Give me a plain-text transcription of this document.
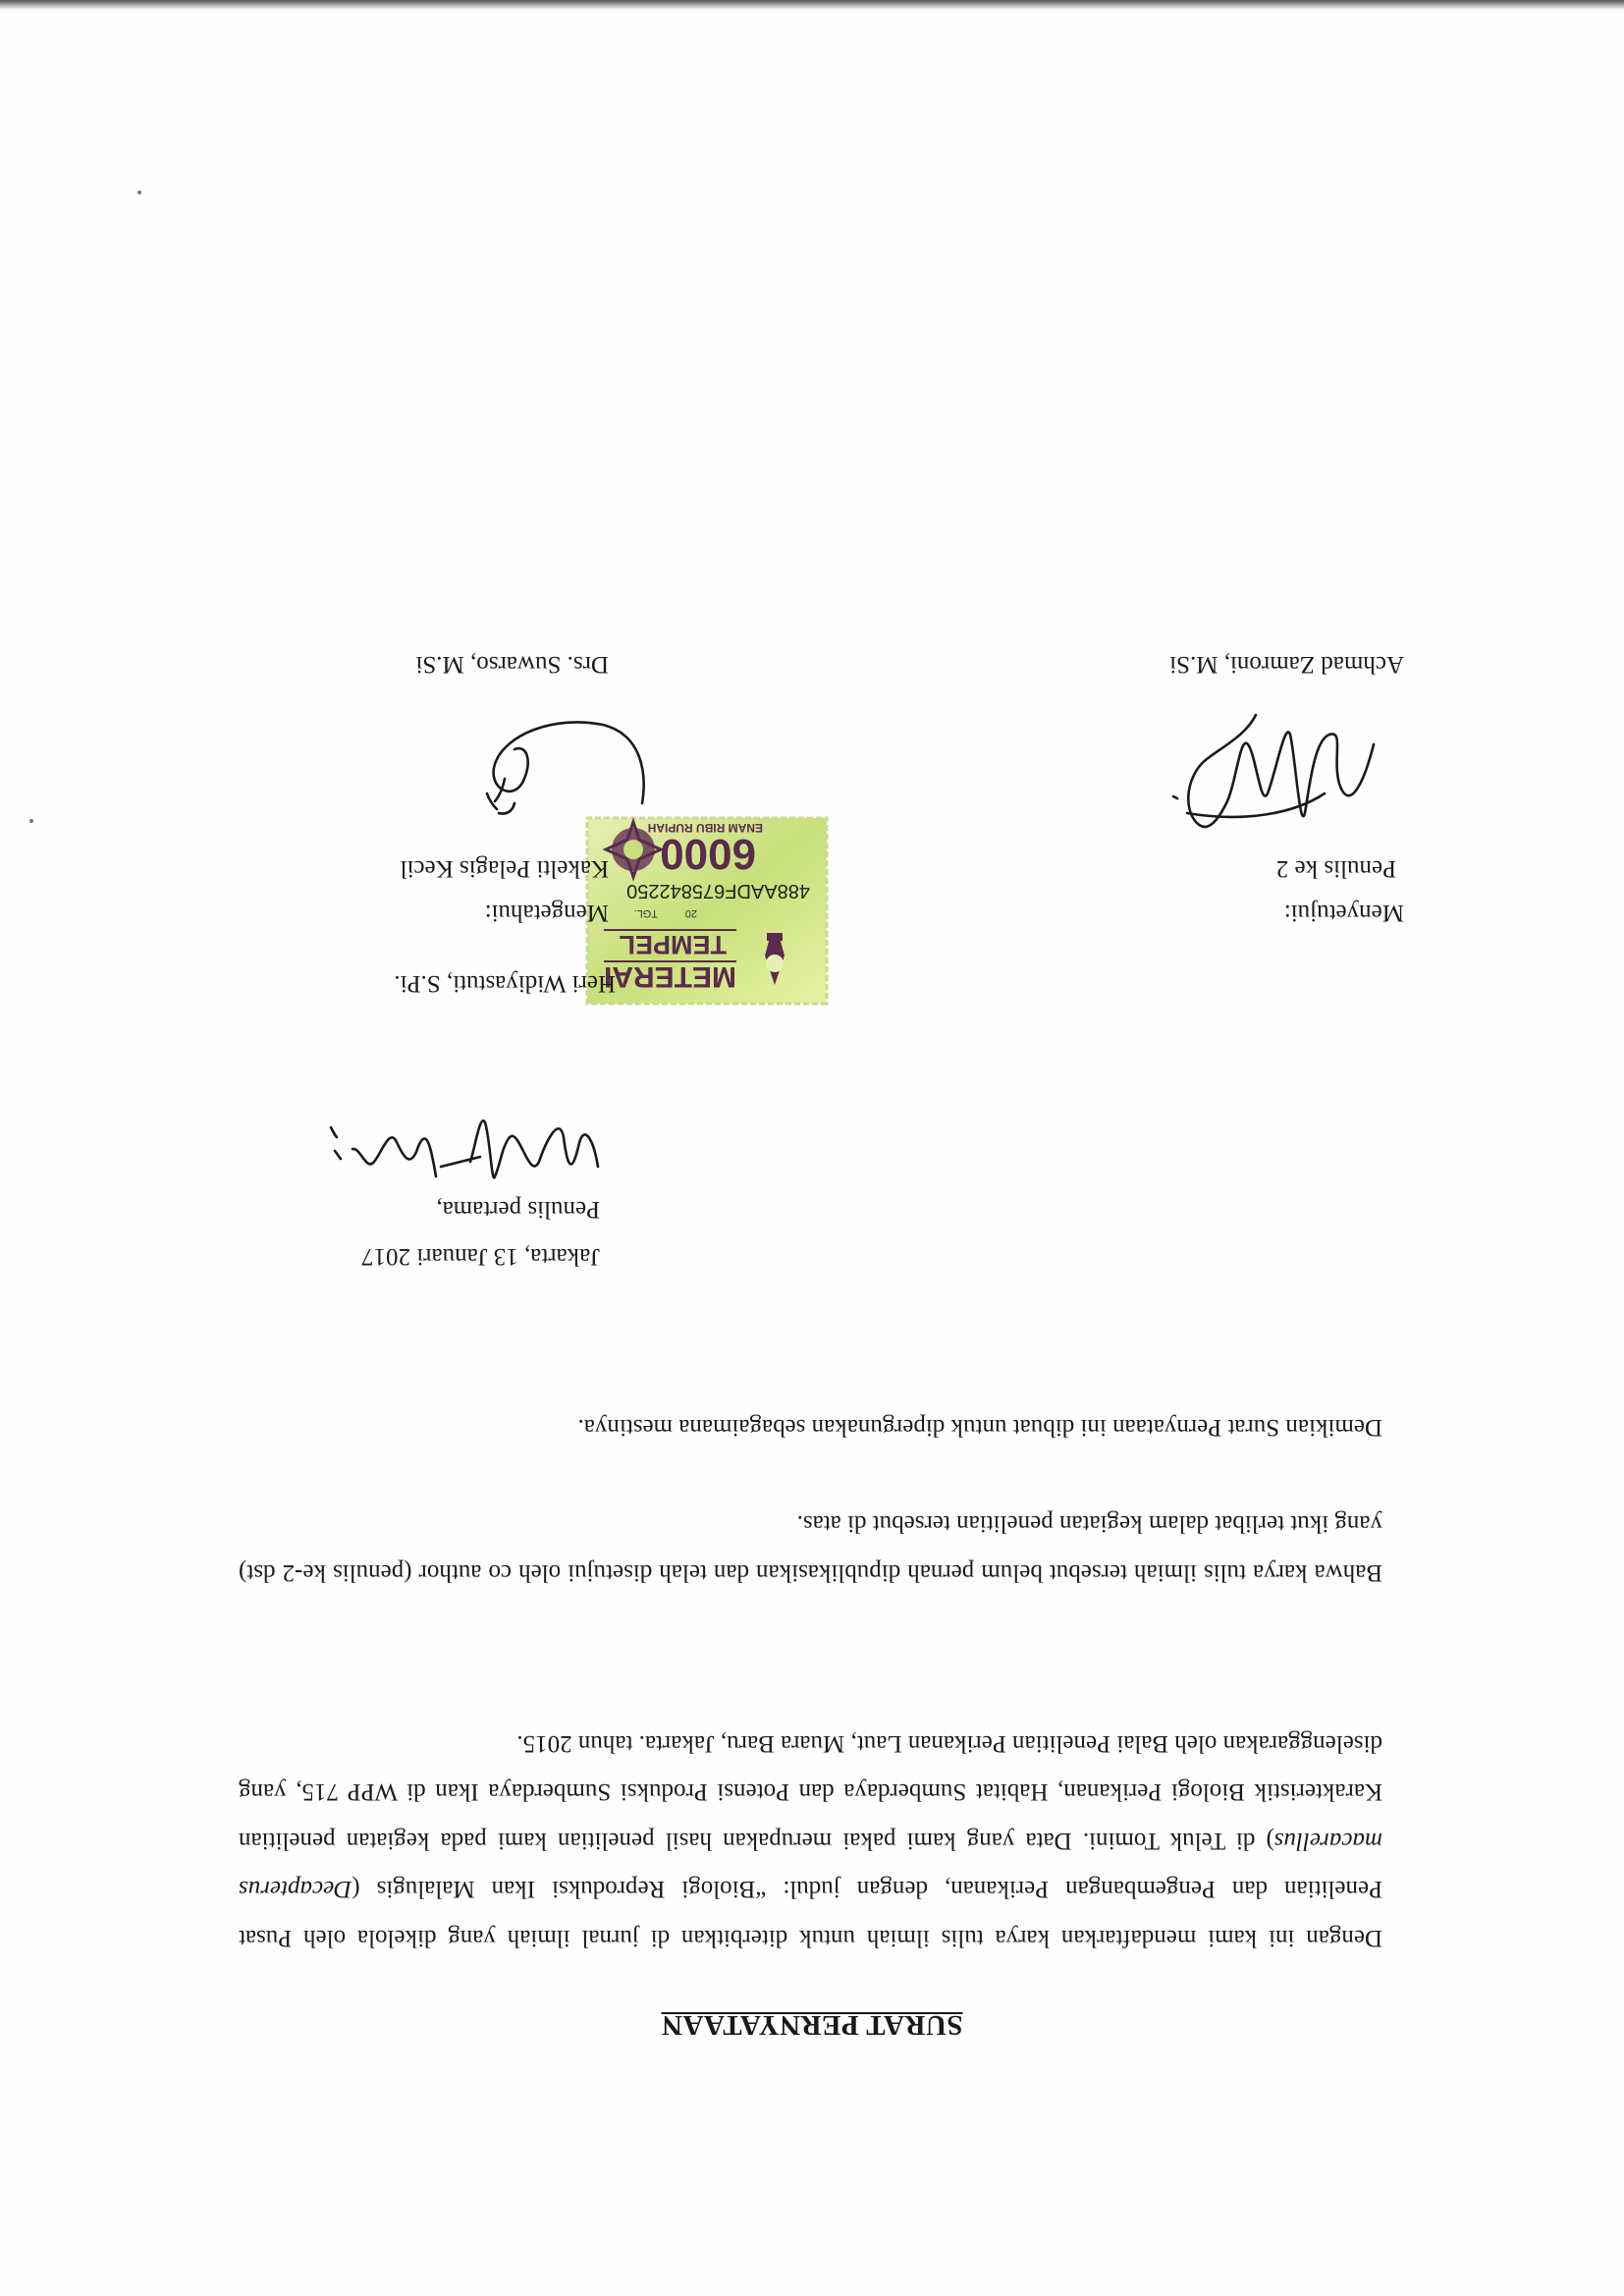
SURAT PERNYATAAN
Dengan ini kami mendaftarkan karya tulis ilmiah untuk diterbitkan di jurnal ilmiah yang dikelola oleh Pusat Penelitian dan Pengembangan Perikanan, dengan judul: “Biologi Reproduksi Ikan Malalugis (Decapterus macarellus) di Teluk Tomini. Data yang kami pakai merupakan hasil penelitian kami pada kegiatan penelitian Karakteristik Biologi Perikanan, Habitat Sumberdaya dan Potensi Produksi Sumberdaya Ikan di WPP 715, yang diselenggarakan oleh Balai Penelitian Perikanan Laut, Muara Baru, Jakarta. tahun 2015.
Bahwa karya tulis ilmiah tersebut belum pernah dipublikasikan dan telah disetujui oleh co author (penulis ke-2 dst) yang ikut terlibat dalam kegiatan penelitian tersebut di atas.
Demikian Surat Pernyataan ini dibuat untuk dipergunakan sebagaimana mestinya.
Jakarta, 13 Januari 2017
Penulis pertama,
METERAI
TEMPEL
TGL.	20
488AADF675842250
6000
ENAM RIBU RUPIAH
Heri Widiyastuti, S.Pi.
Menyetujui:
Mengetahui:
Penulis ke 2
Kakelti Pelagis Kecil
Achmad Zamroni, M.Si
Drs. Suwarso, M.Si
